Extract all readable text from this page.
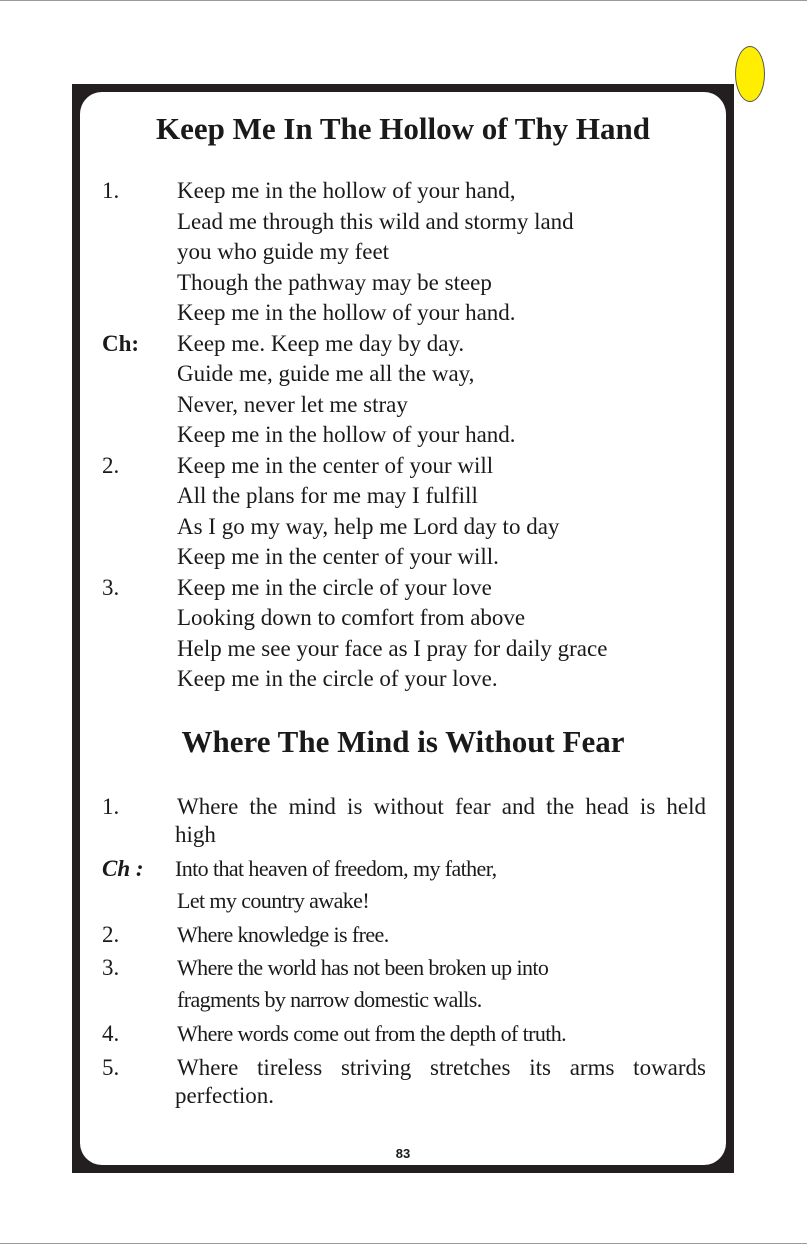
Keep Me In The Hollow of Thy Hand

1.	Keep me in the hollow of your hand,

Lead me through this wild and stormy land

you who guide my feet

Though the pathway may be steep

Keep me in the hollow of your hand.

Ch: Keep me. Keep me day by day.

Guide me, guide me all the way,

Never, never let me stray

Keep me in the hollow of your hand.

2.	Keep me in the center of your will

All the plans for me may I fulfill

As I go my way, help me Lord day to day

Keep me in the center of your will.

3.	Keep me in the circle of your love

Looking down to comfort from above

Help me see your face as I pray for daily grace

Keep me in the circle of your love.

Where The Mind is Without Fear

1.	Where the mind is without fear and the head is held

high

Ch : Into that heaven of freedom, my father,

Let my country awake!

2.	Where knowledge is free.

3.	Where the world has not been broken up into

fragments by narrow domestic walls.

4.	Where words come out from the depth of truth.

5.	Where tireless striving stretches its arms towards

perfection.

83
